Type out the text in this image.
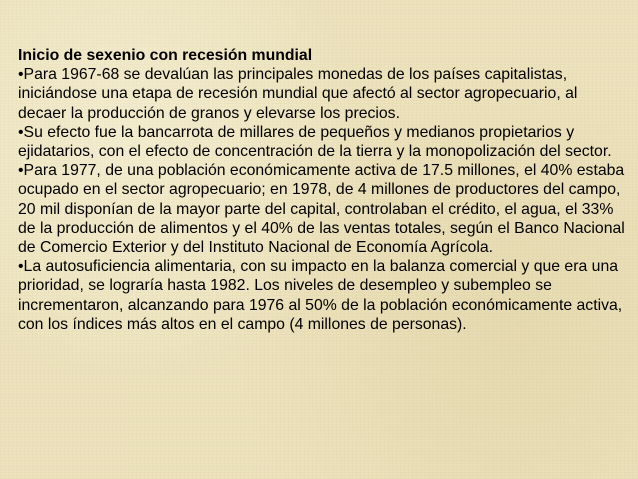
Inicio de sexenio con recesión mundial

•Para 1967-68 se devalúan las principales monedas de los países capitalistas, iniciándose una etapa de recesión mundial que afectó al sector agropecuario, al decaer la producción de granos y elevarse los precios.

•Su efecto fue la bancarrota de millares de pequeños y medianos propietarios y ejidatarios, con el efecto de concentración de la tierra y la monopolización del sector.

•Para 1977, de una población económicamente activa de 17.5 millones, el 40% estaba ocupado en el sector agropecuario; en 1978, de 4 millones de productores del campo, 20 mil disponían de la mayor parte del capital, controlaban el crédito, el agua, el 33% de la producción de alimentos y el 40% de las ventas totales, según el Banco Nacional de Comercio Exterior y del Instituto Nacional de Economía Agrícola.

•La autosuficiencia alimentaria, con su impacto en la balanza comercial y que era una prioridad, se lograría hasta 1982. Los niveles de desempleo y subempleo se incrementaron, alcanzando para 1976 al 50% de la población económicamente activa, con los índices más altos en el campo (4 millones de personas).
